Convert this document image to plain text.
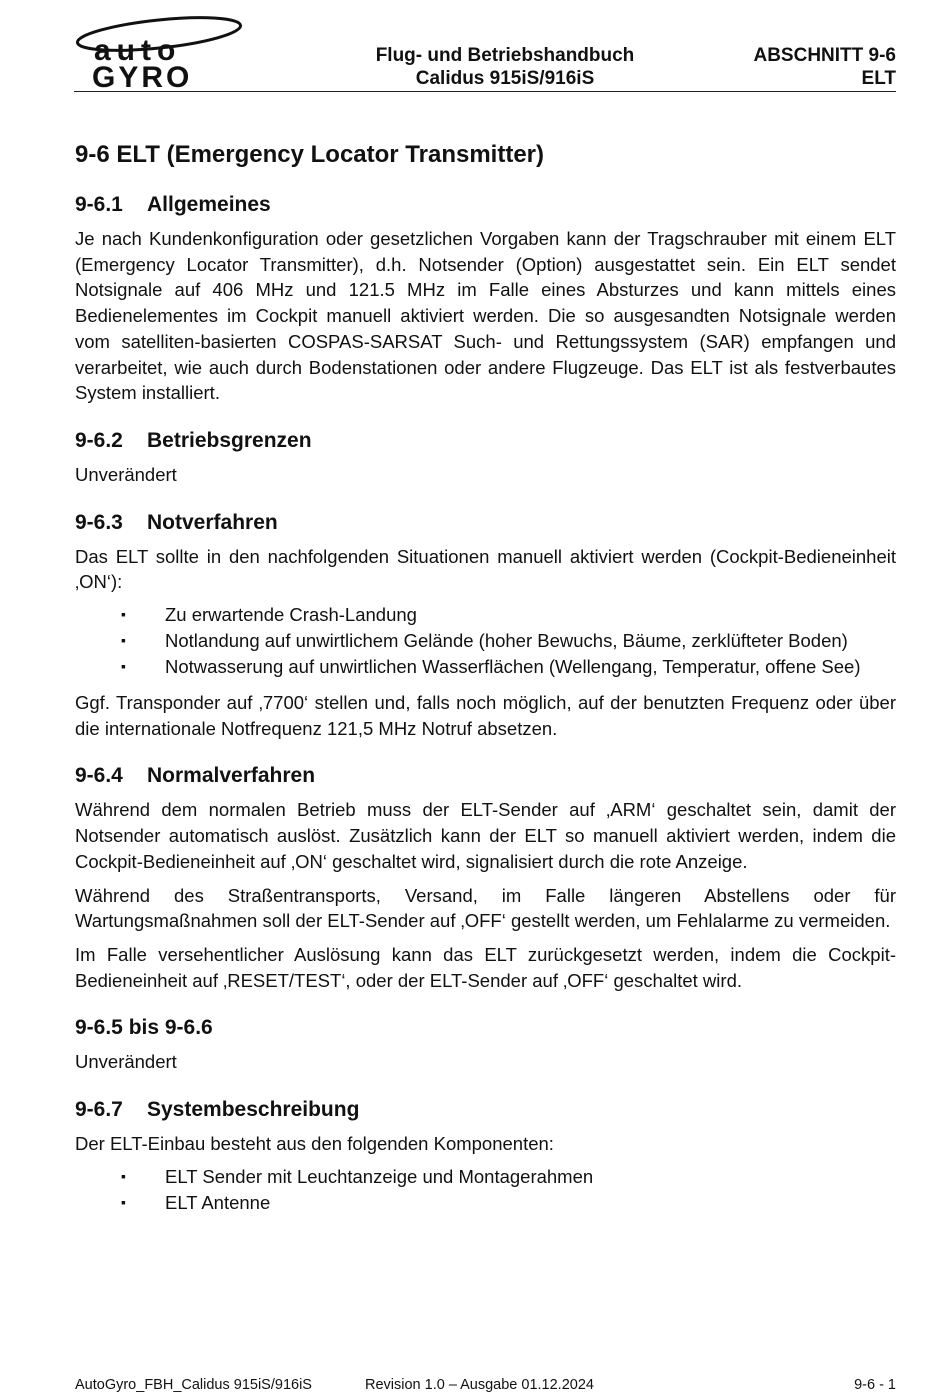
auto
GYRO
Flug- und Betriebshandbuch
Calidus 915iS/916iS
ABSCHNITT 9-6
ELT
9-6 ELT (Emergency Locator Transmitter)
9-6.1 Allgemeines

Je nach Kundenkonfiguration oder gesetzlichen Vorgaben kann der Tragschrauber mit einem ELT (Emergency Locator Transmitter), d.h. Notsender (Option) ausgestattet sein. Ein ELT sendet Notsignale auf 406 MHz und 121.5 MHz im Falle eines Absturzes und kann mittels eines Bedienelementes im Cockpit manuell aktiviert werden. Die so ausgesandten Notsignale werden vom satelliten-basierten COSPAS-SARSAT Such- und Rettungssystem (SAR) empfangen und verarbeitet, wie auch durch Bodenstationen oder andere Flugzeuge. Das ELT ist als festverbautes System installiert.

9-6.2 Betriebsgrenzen

Unverändert

9-6.3 Notverfahren

Das ELT sollte in den nachfolgenden Situationen manuell aktiviert werden (Cockpit-Bedieneinheit ‚ON‘):

▪ Zu erwartende Crash-Landung
▪ Notlandung auf unwirtlichem Gelände (hoher Bewuchs, Bäume, zerklüfteter Boden)
▪ Notwasserung auf unwirtlichen Wasserflächen (Wellengang, Temperatur, offene See)

Ggf. Transponder auf ‚7700‘ stellen und, falls noch möglich, auf der benutzten Frequenz oder über die internationale Notfrequenz 121,5 MHz Notruf absetzen.

9-6.4 Normalverfahren

Während dem normalen Betrieb muss der ELT-Sender auf ‚ARM‘ geschaltet sein, damit der Notsender automatisch auslöst. Zusätzlich kann der ELT so manuell aktiviert werden, indem die Cockpit-Bedieneinheit auf ‚ON‘ geschaltet wird, signalisiert durch die rote Anzeige.

Während des Straßentransports, Versand, im Falle längeren Abstellens oder für Wartungsmaßnahmen soll der ELT-Sender auf ‚OFF‘ gestellt werden, um Fehlalarme zu vermeiden.

Im Falle versehentlicher Auslösung kann das ELT zurückgesetzt werden, indem die Cockpit-Bedieneinheit auf ‚RESET/TEST‘, oder der ELT-Sender auf ‚OFF‘ geschaltet wird.

9-6.5 bis 9-6.6

Unverändert

9-6.7 Systembeschreibung

Der ELT-Einbau besteht aus den folgenden Komponenten:

▪ ELT Sender mit Leuchtanzeige und Montagerahmen
▪ ELT Antenne
AutoGyro_FBH_Calidus 915iS/916iS	Revision 1.0 – Ausgabe 01.12.2024	9-6 - 1
